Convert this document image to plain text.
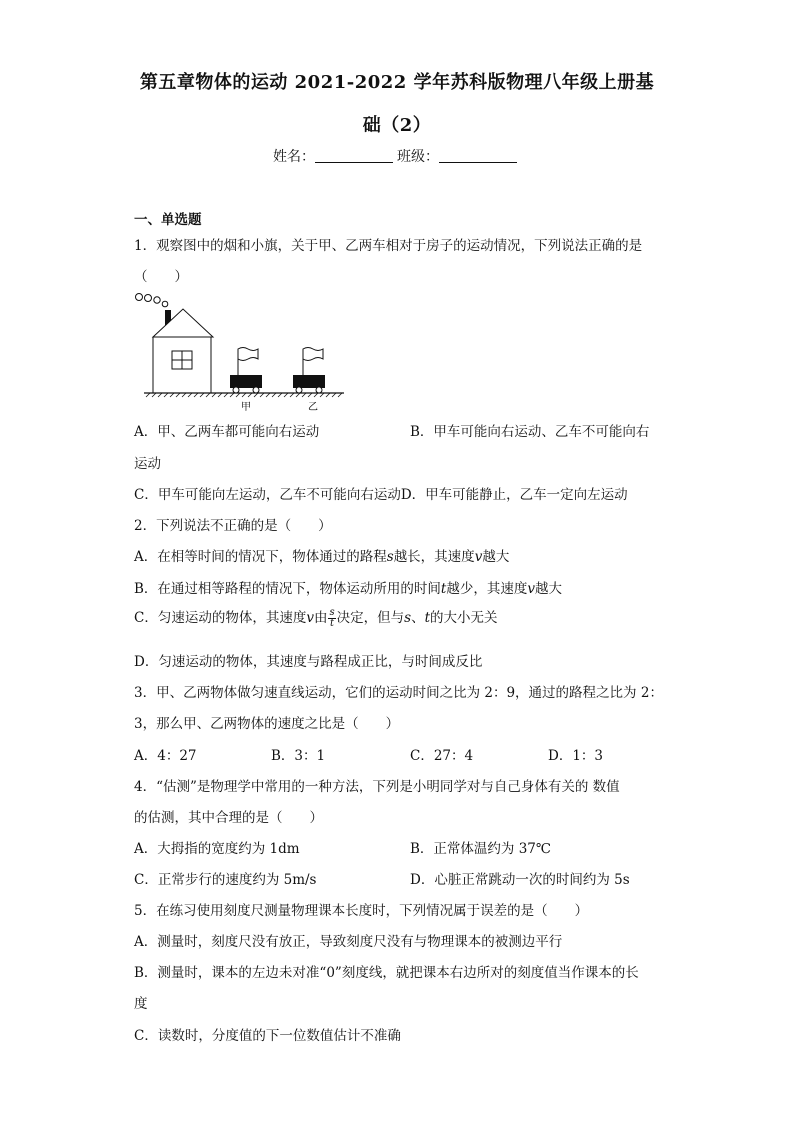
第五章物体的运动 2021-2022 学年苏科版物理八年级上册基
础（2）
姓名：	班级：
一、单选题
1．观察图中的烟和小旗，关于甲、乙两车相对于房子的运动情况，下列说法正确的是
（　　）
甲	乙
A．甲、乙两车都可能向右运动	B．甲车可能向右运动、乙车不可能向右
运动
C．甲车可能向左运动，乙车不可能向右运动D．甲车可能静止，乙车一定向左运动
2．下列说法不正确的是（　　）
A．在相等时间的情况下，物体通过的路程s越长，其速度v越大
B．在通过相等路程的情况下，物体运动所用的时间t越少，其速度v越大
C．匀速运动的物体，其速度v由 $\frac{s}{t}$ 决定，但与s、t的大小无关
D．匀速运动的物体，其速度与路程成正比，与时间成反比
3．甲、乙两物体做匀速直线运动，它们的运动时间之比为 2：9，通过的路程之比为 2：
3，那么甲、乙两物体的速度之比是（　　）
A．4：27	B．3：1	C．27：4	D．1：3
4．“估测”是物理学中常用的一种方法，下列是小明同学对与自己身体有关的 数值
的估测，其中合理的是（　　）
A．大拇指的宽度约为 1dm	B．正常体温约为 37℃
C．正常步行的速度约为 5m/s	D．心脏正常跳动一次的时间约为 5s
5．在练习使用刻度尺测量物理课本长度时，下列情况属于误差的是（　　）
A．测量时，刻度尺没有放正，导致刻度尺没有与物理课本的被测边平行
B．测量时，课本的左边未对准“0”刻度线，就把课本右边所对的刻度值当作课本的长
度
C．读数时，分度值的下一位数值估计不准确
